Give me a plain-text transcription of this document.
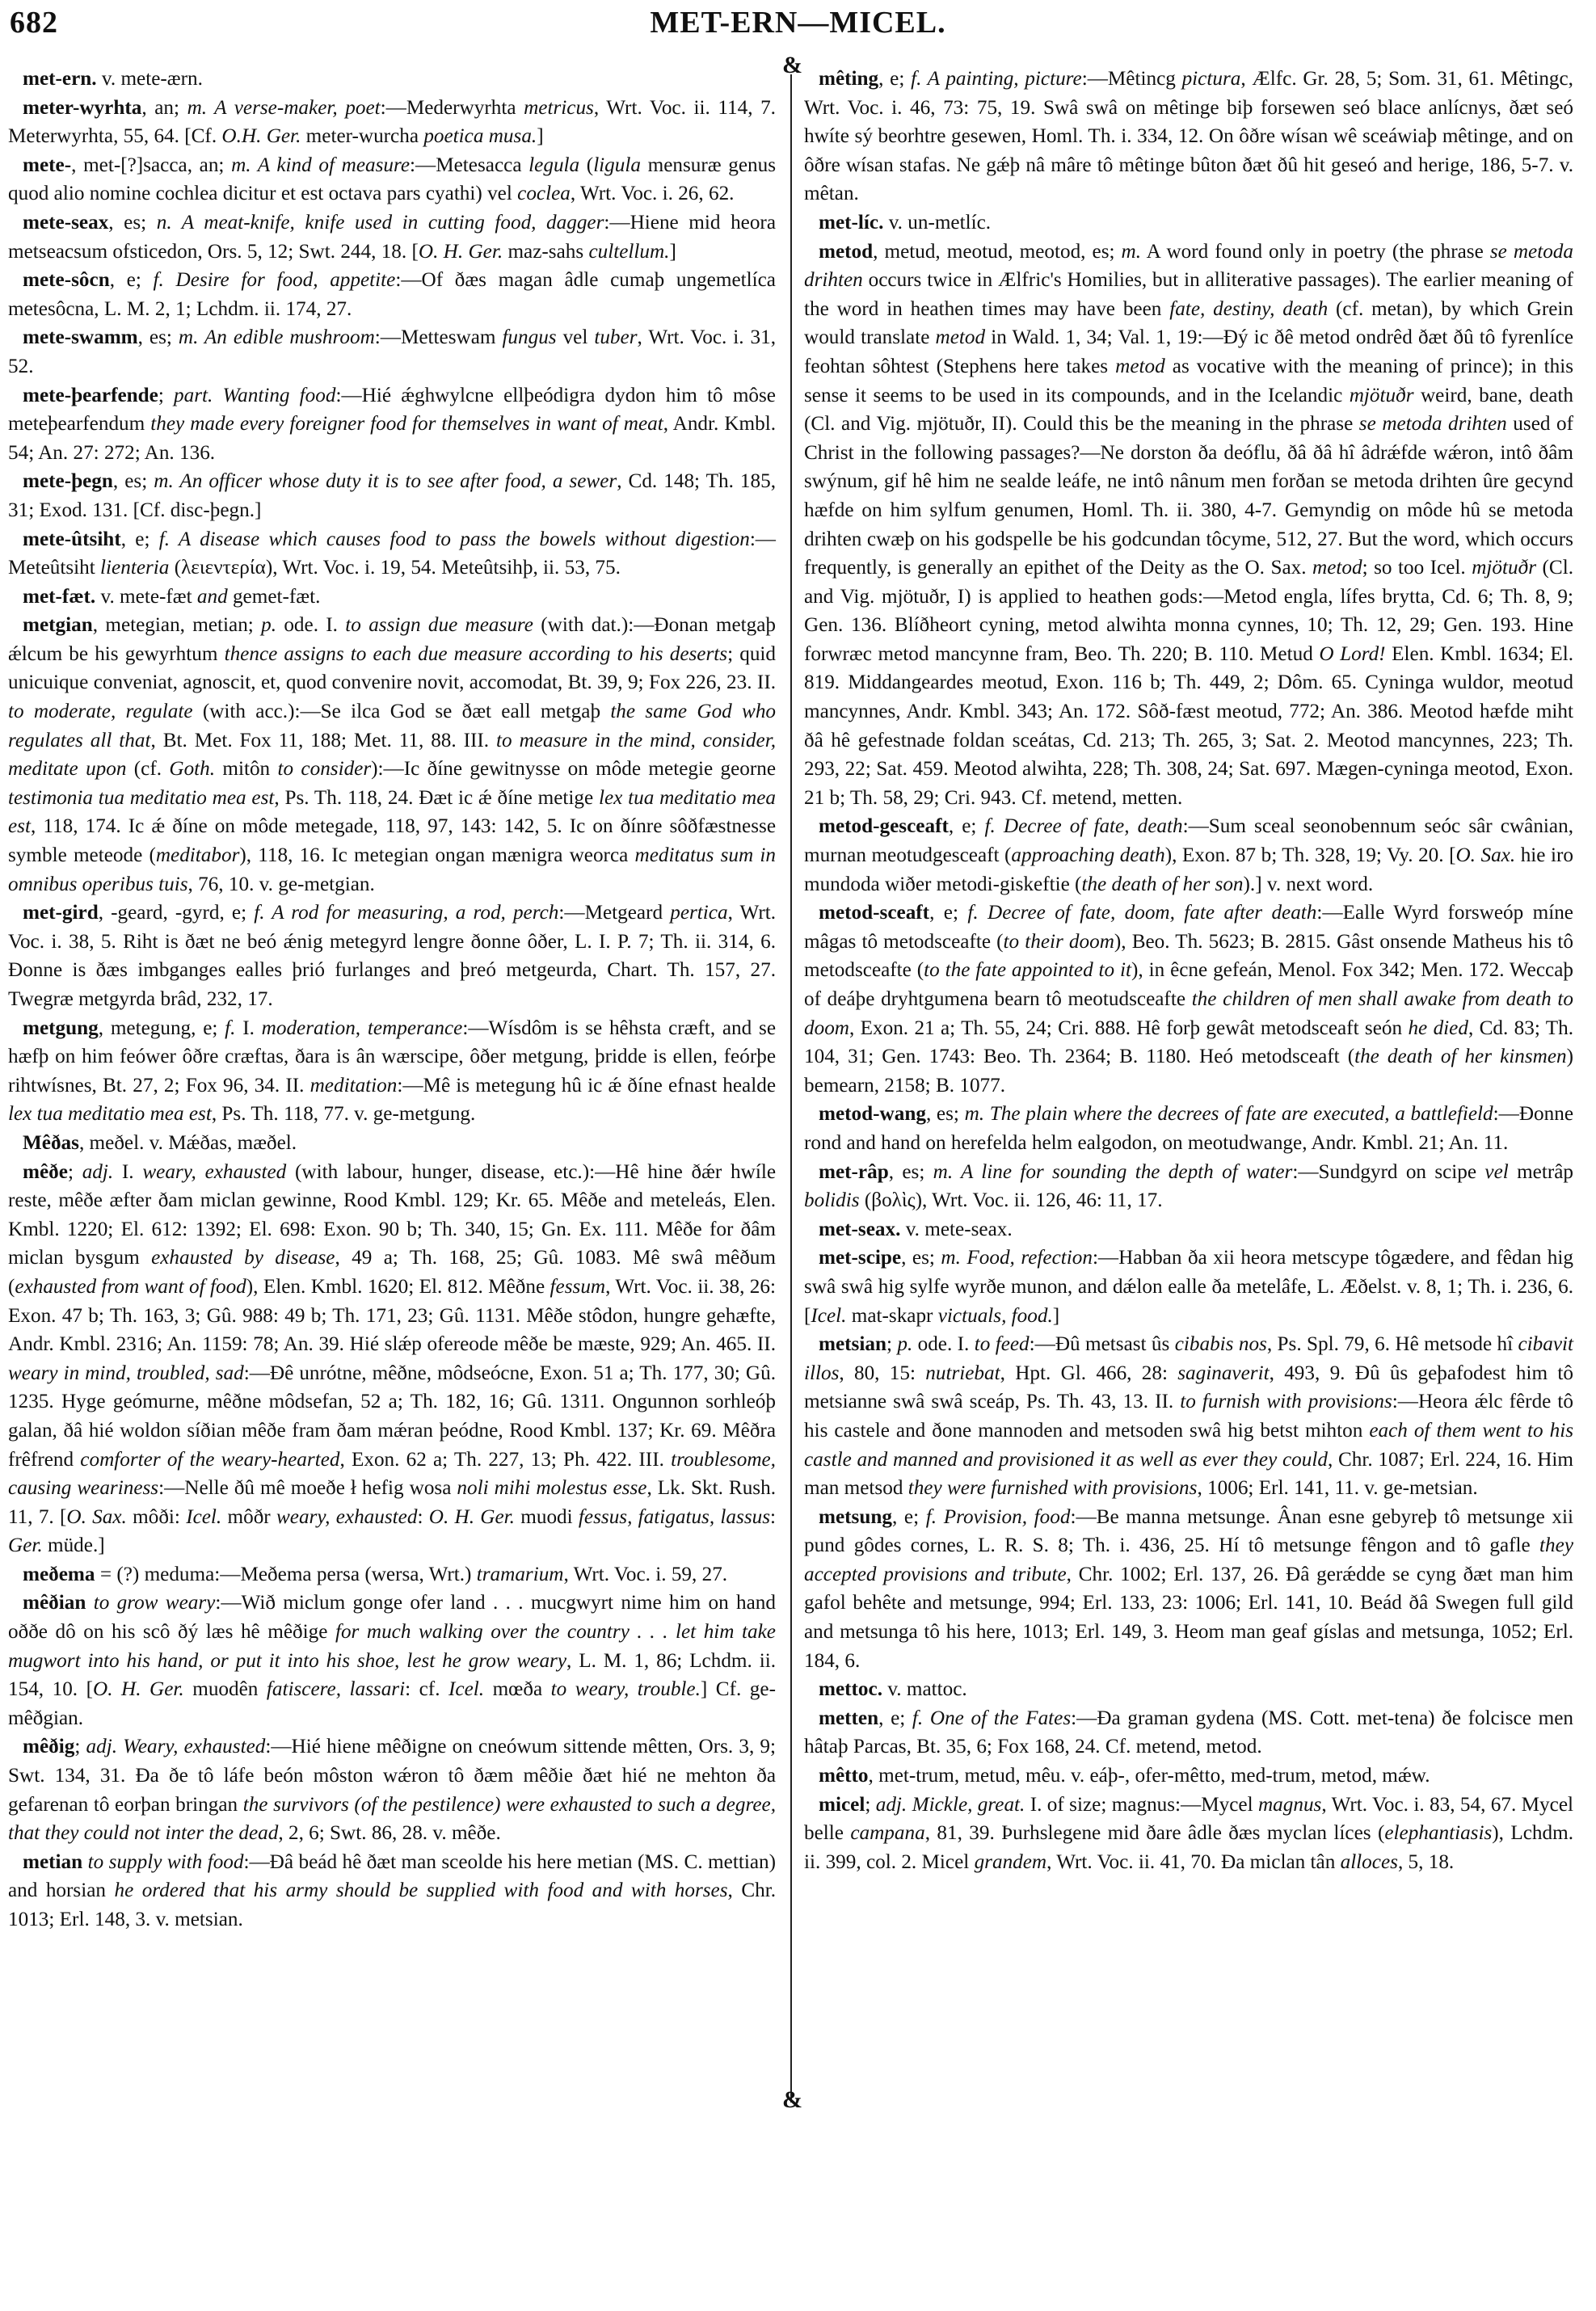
682	MET-ERN—MICEL.
&
&

met-ern. v. mete-ærn.

meter-wyrhta, an; m. A verse-maker, poet:—Mederwyrhta metricus, Wrt. Voc. ii. 114, 7. Meterwyrhta, 55, 64. [Cf. O.H. Ger. meter-wurcha poetica musa.]

mete-, met-[?]sacca, an; m. A kind of measure:—Metesacca legula (ligula mensuræ genus quod alio nomine cochlea dicitur et est octava pars cyathi) vel coclea, Wrt. Voc. i. 26, 62.

mete-seax, es; n. A meat-knife, knife used in cutting food, dagger:—Hiene mid heora metseacsum ofsticedon, Ors. 5, 12; Swt. 244, 18. [O. H. Ger. maz-sahs cultellum.]

mete-sôcn, e; f. Desire for food, appetite:—Of ðæs magan âdle cumaþ ungemetlíca metesôcna, L. M. 2, 1; Lchdm. ii. 174, 27.

mete-swamm, es; m. An edible mushroom:—Metteswam fungus vel tuber, Wrt. Voc. i. 31, 52.

mete-þearfende; part. Wanting food:—Hié ǽghwylcne ellþeódigra dydon him tô môse meteþearfendum they made every foreigner food for themselves in want of meat, Andr. Kmbl. 54; An. 27: 272; An. 136.

mete-þegn, es; m. An officer whose duty it is to see after food, a sewer, Cd. 148; Th. 185, 31; Exod. 131. [Cf. disc-þegn.]

mete-ûtsiht, e; f. A disease which causes food to pass the bowels without digestion:—Meteûtsiht lienteria (λειεντερία), Wrt. Voc. i. 19, 54. Meteûtsihþ, ii. 53, 75.

met-fæt. v. mete-fæt and gemet-fæt.

metgian, metegian, metian; p. ode. I. to assign due measure (with dat.):—Ðonan metgaþ ǽlcum be his gewyrhtum thence assigns to each due measure according to his deserts; quid unicuique conveniat, agnoscit, et, quod convenire novit, accomodat, Bt. 39, 9; Fox 226, 23. II. to moderate, regulate (with acc.):—Se ilca God se ðæt eall metgaþ the same God who regulates all that, Bt. Met. Fox 11, 188; Met. 11, 88. III. to measure in the mind, consider, meditate upon (cf. Goth. mitôn to consider):—Ic ðíne gewitnysse on môde metegie georne testimonia tua meditatio mea est, Ps. Th. 118, 24. Ðæt ic ǽ ðíne metige lex tua meditatio mea est, 118, 174. Ic ǽ ðíne on môde metegade, 118, 97, 143: 142, 5. Ic on ðínre sôðfæstnesse symble meteode (meditabor), 118, 16. Ic metegian ongan mænigra weorca meditatus sum in omnibus operibus tuis, 76, 10. v. ge-metgian.

met-gird, -geard, -gyrd, e; f. A rod for measuring, a rod, perch:—Metgeard pertica, Wrt. Voc. i. 38, 5. Riht is ðæt ne beó ǽnig metegyrd lengre ðonne ôðer, L. I. P. 7; Th. ii. 314, 6. Ðonne is ðæs imbganges ealles þrió furlanges and þreó metgeurda, Chart. Th. 157, 27. Twegræ metgyrda brâd, 232, 17.

metgung, metegung, e; f. I. moderation, temperance:—Wísdôm is se hêhsta cræft, and se hæfþ on him feówer ôðre cræftas, ðara is ân wærscipe, ôðer metgung, þridde is ellen, feórþe rihtwísnes, Bt. 27, 2; Fox 96, 34. II. meditation:—Mê is metegung hû ic ǽ ðíne efnast healde lex tua meditatio mea est, Ps. Th. 118, 77. v. ge-metgung.

Mêðas, meðel. v. Mǽðas, mæðel.

mêðe; adj. I. weary, exhausted (with labour, hunger, disease, etc.):—Hê hine ðǽr hwíle reste, mêðe æfter ðam miclan gewinne, Rood Kmbl. 129; Kr. 65. Mêðe and meteleás, Elen. Kmbl. 1220; El. 612: 1392; El. 698: Exon. 90 b; Th. 340, 15; Gn. Ex. 111. Mêðe for ðâm miclan bysgum exhausted by disease, 49 a; Th. 168, 25; Gû. 1083. Mê swâ mêðum (exhausted from want of food), Elen. Kmbl. 1620; El. 812. Mêðne fessum, Wrt. Voc. ii. 38, 26: Exon. 47 b; Th. 163, 3; Gû. 988: 49 b; Th. 171, 23; Gû. 1131. Mêðe stôdon, hungre gehæfte, Andr. Kmbl. 2316; An. 1159: 78; An. 39. Hié slǽp ofereode mêðe be mæste, 929; An. 465. II. weary in mind, troubled, sad:—Ðê unrótne, mêðne, môdseócne, Exon. 51 a; Th. 177, 30; Gû. 1235. Hyge geómurne, mêðne môdsefan, 52 a; Th. 182, 16; Gû. 1311. Ongunnon sorhleóþ galan, ðâ hié woldon síðian mêðe fram ðam mǽran þeódne, Rood Kmbl. 137; Kr. 69. Mêðra frêfrend comforter of the weary-hearted, Exon. 62 a; Th. 227, 13; Ph. 422. III. troublesome, causing weariness:—Nelle ðû mê moeðe ł hefig wosa noli mihi molestus esse, Lk. Skt. Rush. 11, 7. [O. Sax. môði: Icel. môðr weary, exhausted: O. H. Ger. muodi fessus, fatigatus, lassus: Ger. müde.]

meðema = (?) meduma:—Meðema persa (wersa, Wrt.) tramarium, Wrt. Voc. i. 59, 27.

mêðian to grow weary:—Wið miclum gonge ofer land . . . mucgwyrt nime him on hand oððe dô on his scô ðý læs hê mêðige for much walking over the country . . . let him take mugwort into his hand, or put it into his shoe, lest he grow weary, L. M. 1, 86; Lchdm. ii. 154, 10. [O. H. Ger. muodên fatiscere, lassari: cf. Icel. mœða to weary, trouble.] Cf. ge-mêðgian.

mêðig; adj. Weary, exhausted:—Hié hiene mêðigne on cneówum sittende mêtten, Ors. 3, 9; Swt. 134, 31. Ða ðe tô láfe beón môston wǽron tô ðæm mêðie ðæt hié ne mehton ða gefarenan tô eorþan bringan the survivors (of the pestilence) were exhausted to such a degree, that they could not inter the dead, 2, 6; Swt. 86, 28. v. mêðe.

metian to supply with food:—Ðâ beád hê ðæt man sceolde his here metian (MS. C. mettian) and horsian he ordered that his army should be supplied with food and with horses, Chr. 1013; Erl. 148, 3. v. metsian.

mêting, e; f. A painting, picture:—Mêtincg pictura, Ælfc. Gr. 28, 5; Som. 31, 61. Mêtingc, Wrt. Voc. i. 46, 73: 75, 19. Swâ swâ on mêtinge biþ forsewen seó blace anlícnys, ðæt seó hwíte sý beorhtre gesewen, Homl. Th. i. 334, 12. On ôðre wísan wê sceáwiaþ mêtinge, and on ôðre wísan stafas. Ne gǽþ nâ mâre tô mêtinge bûton ðæt ðû hit geseó and herige, 186, 5-7. v. mêtan.

met-líc. v. un-metlíc.

metod, metud, meotud, meotod, es; m. A word found only in poetry (the phrase se metoda drihten occurs twice in Ælfric's Homilies, but in alliterative passages). The earlier meaning of the word in heathen times may have been fate, destiny, death (cf. metan), by which Grein would translate metod in Wald. 1, 34; Val. 1, 19:—Ðý ic ðê metod ondrêd ðæt ðû tô fyrenlíce feohtan sôhtest (Stephens here takes metod as vocative with the meaning of prince); in this sense it seems to be used in its compounds, and in the Icelandic mjötuðr weird, bane, death (Cl. and Vig. mjötuðr, II). Could this be the meaning in the phrase se metoda drihten used of Christ in the following passages?—Ne dorston ða deóflu, ðâ ðâ hî âdrǽfde wǽron, intô ðâm swýnum, gif hê him ne sealde leáfe, ne intô nânum men forðan se metoda drihten ûre gecynd hæfde on him sylfum genumen, Homl. Th. ii. 380, 4-7. Gemyndig on môde hû se metoda drihten cwæþ on his godspelle be his godcundan tôcyme, 512, 27. But the word, which occurs frequently, is generally an epithet of the Deity as the O. Sax. metod; so too Icel. mjötuðr (Cl. and Vig. mjötuðr, I) is applied to heathen gods:—Metod engla, lífes brytta, Cd. 6; Th. 8, 9; Gen. 136. Blíðheort cyning, metod alwihta monna cynnes, 10; Th. 12, 29; Gen. 193. Hine forwræc metod mancynne fram, Beo. Th. 220; B. 110. Metud O Lord! Elen. Kmbl. 1634; El. 819. Middangeardes meotud, Exon. 116 b; Th. 449, 2; Dôm. 65. Cyninga wuldor, meotud mancynnes, Andr. Kmbl. 343; An. 172. Sôð-fæst meotud, 772; An. 386. Meotod hæfde miht ðâ hê gefestnade foldan sceátas, Cd. 213; Th. 265, 3; Sat. 2. Meotod mancynnes, 223; Th. 293, 22; Sat. 459. Meotod alwihta, 228; Th. 308, 24; Sat. 697. Mægen-cyninga meotod, Exon. 21 b; Th. 58, 29; Cri. 943. Cf. metend, metten.

metod-gesceaft, e; f. Decree of fate, death:—Sum sceal seonobennum seóc sâr cwânian, murnan meotudgesceaft (approaching death), Exon. 87 b; Th. 328, 19; Vy. 20. [O. Sax. hie iro mundoda wiðer metodi-giskeftie (the death of her son).] v. next word.

metod-sceaft, e; f. Decree of fate, doom, fate after death:—Ealle Wyrd forsweóp míne mâgas tô metodsceafte (to their doom), Beo. Th. 5623; B. 2815. Gâst onsende Matheus his tô metodsceafte (to the fate appointed to it), in êcne gefeán, Menol. Fox 342; Men. 172. Weccaþ of deáþe dryhtgumena bearn tô meotudsceafte the children of men shall awake from death to doom, Exon. 21 a; Th. 55, 24; Cri. 888. Hê forþ gewât metodsceaft seón he died, Cd. 83; Th. 104, 31; Gen. 1743: Beo. Th. 2364; B. 1180. Heó metodsceaft (the death of her kinsmen) bemearn, 2158; B. 1077.

metod-wang, es; m. The plain where the decrees of fate are executed, a battlefield:—Ðonne rond and hand on herefelda helm ealgodon, on meotudwange, Andr. Kmbl. 21; An. 11.

met-râp, es; m. A line for sounding the depth of water:—Sundgyrd on scipe vel metrâp bolidis (βολὶς), Wrt. Voc. ii. 126, 46: 11, 17.

met-seax. v. mete-seax.

met-scipe, es; m. Food, refection:—Habban ða xii heora metscype tôgædere, and fêdan hig swâ swâ hig sylfe wyrðe munon, and dǽlon ealle ða metelâfe, L. Æðelst. v. 8, 1; Th. i. 236, 6. [Icel. mat-skapr victuals, food.]

metsian; p. ode. I. to feed:—Ðû metsast ûs cibabis nos, Ps. Spl. 79, 6. Hê metsode hî cibavit illos, 80, 15: nutriebat, Hpt. Gl. 466, 28: saginaverit, 493, 9. Ðû ûs geþafodest him tô metsianne swâ swâ sceáp, Ps. Th. 43, 13. II. to furnish with provisions:—Heora ǽlc fêrde tô his castele and ðone mannoden and metsoden swâ hig betst mihton each of them went to his castle and manned and provisioned it as well as ever they could, Chr. 1087; Erl. 224, 16. Him man metsod they were furnished with provisions, 1006; Erl. 141, 11. v. ge-metsian.

metsung, e; f. Provision, food:—Be manna metsunge. Ânan esne gebyreþ tô metsunge xii pund gôdes cornes, L. R. S. 8; Th. i. 436, 25. Hí tô metsunge fêngon and tô gafle they accepted provisions and tribute, Chr. 1002; Erl. 137, 26. Ðâ gerǽdde se cyng ðæt man him gafol behête and metsunge, 994; Erl. 133, 23: 1006; Erl. 141, 10. Beád ðâ Swegen full gild and metsunga tô his here, 1013; Erl. 149, 3. Heom man geaf gíslas and metsunga, 1052; Erl. 184, 6.

mettoc. v. mattoc.

metten, e; f. One of the Fates:—Ða graman gydena (MS. Cott. met-tena) ðe folcisce men hâtaþ Parcas, Bt. 35, 6; Fox 168, 24. Cf. metend, metod.

mêtto, met-trum, metud, mêu. v. eáþ-, ofer-mêtto, med-trum, metod, mǽw.

micel; adj. Mickle, great. I. of size; magnus:—Mycel magnus, Wrt. Voc. i. 83, 54, 67. Mycel belle campana, 81, 39. Þurhslegene mid ðare âdle ðæs myclan líces (elephantiasis), Lchdm. ii. 399, col. 2. Micel grandem, Wrt. Voc. ii. 41, 70. Ða miclan tân alloces, 5, 18.
